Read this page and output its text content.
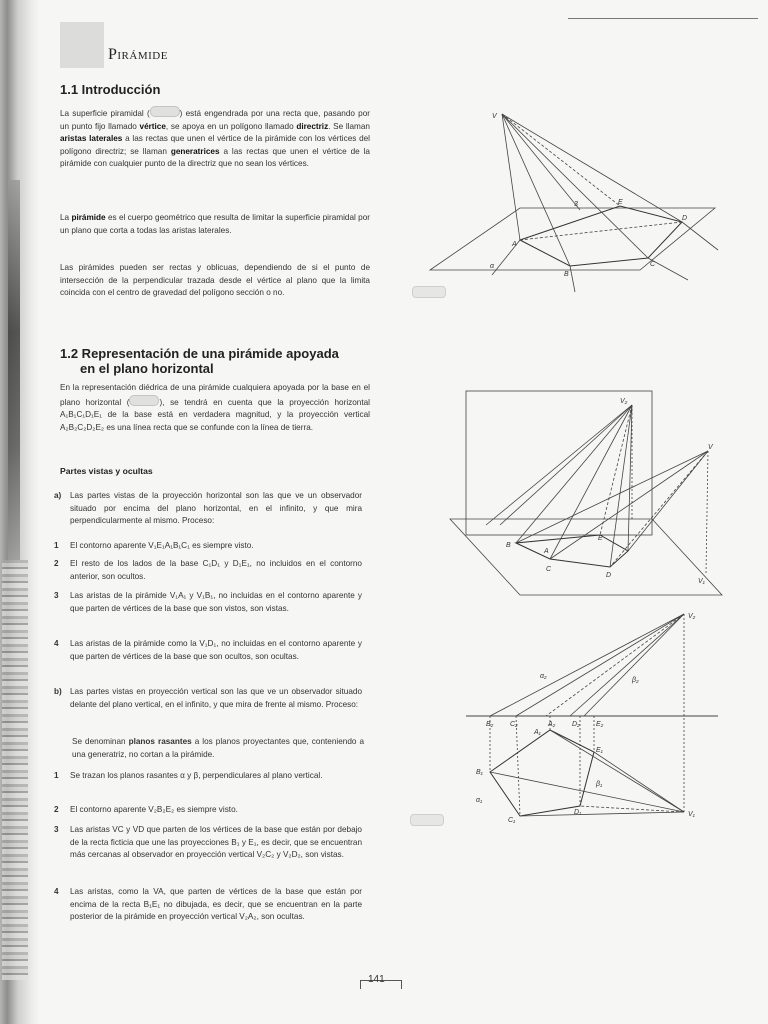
Pirámide
1.1 Introducción
La superficie piramidal (	) está engendrada por una recta que, pasando por un punto fijo llamado vértice, se apoya en un polígono llamado directriz. Se llaman aristas laterales a las rectas que unen el vértice de la pirámide con los vértices del polígono directriz; se llaman generatrices a las rectas que unen el vértice de la pirámide con cualquier punto de la directriz que no sean los vértices.
La pirámide es el cuerpo geométrico que resulta de limitar la superficie piramidal por un plano que corta a todas las aristas laterales.
Las pirámides pueden ser rectas y oblicuas, dependiendo de si el punto de intersección de la perpendicular trazada desde el vértice al plano que la limita coincida con el centro de gravedad del polígono sección o no.
1.2 Representación de una pirámide apoyada
en el plano horizontal
En la representación diédrica de una pirámide cualquiera apoyada por la base en el plano horizontal (	), se tendrá en cuenta que la proyección horizontal A₁B₁C₁D₁E₁ de la base está en verdadera magnitud, y la proyección vertical A₂B₂C₂D₂E₂ es una línea recta que se confunde con la línea de tierra.
Partes vistas y ocultas
a) Las partes vistas de la proyección horizontal son las que ve un observador situado por encima del plano horizontal, en el infinito, y que mira perpendicularmente al mismo. Proceso:
1 El contorno aparente V₁E₁A₁B₁C₁ es siempre visto.
2 El resto de los lados de la base C₁D₁ y D₁E₁, no incluidos en el contorno anterior, son ocultos.
3 Las aristas de la pirámide V₁A₁ y V₁B₁, no incluidas en el contorno aparente y que parten de vértices de la base que son vistos, son vistas.
4 Las aristas de la pirámide como la V₁D₁, no incluidas en el contorno aparente y que parten de vértices de la base que son ocultos, son ocultas.
b) Las partes vistas en proyección vertical son las que ve un observador situado delante del plano vertical, en el infinito, y que mira de frente al mismo. Proceso:
Se denominan planos rasantes a los planos proyectantes que, conteniendo a una generatriz, no cortan a la pirámide.
1 Se trazan los planos rasantes α y β, perpendiculares al plano vertical.
2 El contorno aparente V₂B₂E₂ es siempre visto.
3 Las aristas VC y VD que parten de los vértices de la base que están por debajo de la recta ficticia que une las proyecciones B₁ y E₁, es decir, que se encuentran más cercanas al observador en proyección vertical V₂C₂ y V₂D₂, son vistas.
4 Las aristas, como la VA, que parten de vértices de la base que están por encima de la recta B₁E₁ no dibujada, es decir, que se encuentran en la parte posterior de la pirámide en proyección vertical V₂A₂, son ocultas.
V
A
B
C
D
E
3
α
V₂
V
B
A
E
C
D
V₁
V₂
α₂
β₂
B₂ C₂	A₂ D₂ E₂
A₁
E₁
B₁
β₁
α₁
D₁
C₁
V₁
141
